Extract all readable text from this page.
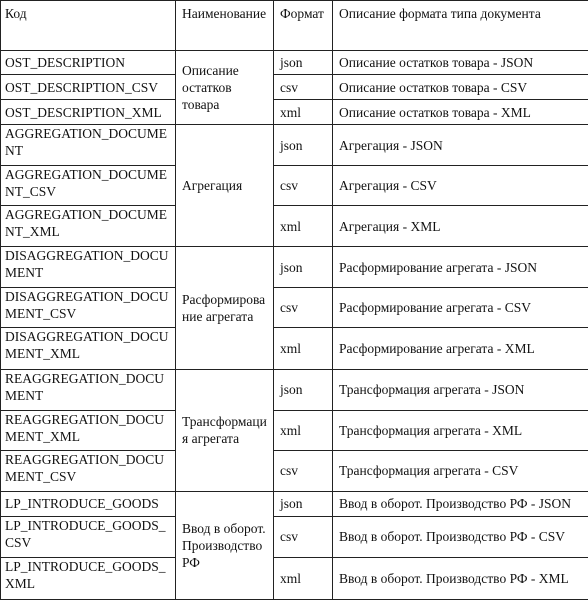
Код	Наименование	Формат	Описание формата типа документа
OST_DESCRIPTION	Описание остатков товара	json	Описание остатков товара - JSON
OST_DESCRIPTION_CSV		csv	Описание остатков товара - CSV
OST_DESCRIPTION_XML		xml	Описание остатков товара - XML
AGGREGATION_DOCUMENT	Агрегация	json	Агрегация - JSON
AGGREGATION_DOCUMENT_CSV		csv	Агрегация - CSV
AGGREGATION_DOCUMENT_XML		xml	Агрегация - XML
DISAGGREGATION_DOCUMENT	Расформирование агрегата	json	Расформирование агрегата - JSON
DISAGGREGATION_DOCUMENT_CSV		csv	Расформирование агрегата - CSV
DISAGGREGATION_DOCUMENT_XML		xml	Расформирование агрегата - XML
REAGGREGATION_DOCUMENT	Трансформация агрегата	json	Трансформация агрегата - JSON
REAGGREGATION_DOCUMENT_XML		xml	Трансформация агрегата - XML
REAGGREGATION_DOCUMENT_CSV		csv	Трансформация агрегата - CSV
LP_INTRODUCE_GOODS	Ввод в оборот. Производство РФ	json	Ввод в оборот. Производство РФ - JSON
LP_INTRODUCE_GOODS_CSV		csv	Ввод в оборот. Производство РФ - CSV
LP_INTRODUCE_GOODS_XML		xml	Ввод в оборот. Производство РФ - XML
